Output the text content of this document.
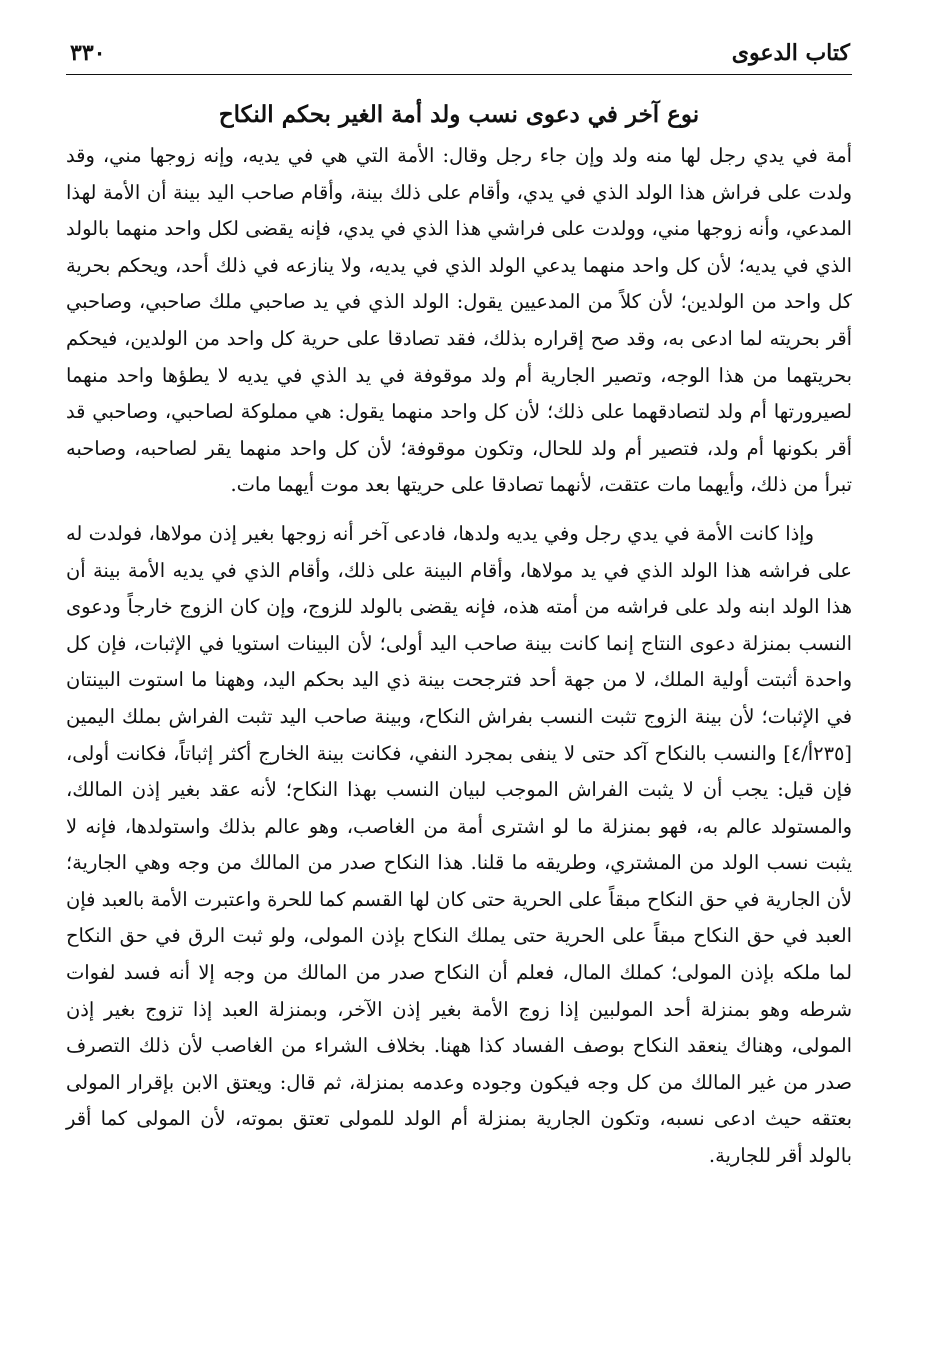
كتاب الدعوى
٣٣٠
نوع آخر في دعوى نسب ولد أمة الغير بحكم النكاح

أمة في يدي رجل لها منه ولد وإن جاء رجل وقال: الأمة التي هي في يديه، وإنه زوجها مني، وقد ولدت على فراش هذا الولد الذي في يدي، وأقام على ذلك بينة، وأقام صاحب اليد بينة أن الأمة لهذا المدعي، وأنه زوجها مني، وولدت على فراشي هذا الذي في يدي، فإنه يقضى لكل واحد منهما بالولد الذي في يديه؛ لأن كل واحد منهما يدعي الولد الذي في يديه، ولا ينازعه في ذلك أحد، ويحكم بحرية كل واحد من الولدين؛ لأن كلاً من المدعيين يقول: الولد الذي في يد صاحبي ملك صاحبي، وصاحبي أقر بحريته لما ادعى به، وقد صح إقراره بذلك، فقد تصادقا على حرية كل واحد من الولدين، فيحكم بحريتهما من هذا الوجه، وتصير الجارية أم ولد موقوفة في يد الذي في يديه لا يطؤها واحد منهما لصيرورتها أم ولد لتصادقهما على ذلك؛ لأن كل واحد منهما يقول: هي مملوكة لصاحبي، وصاحبي قد أقر بكونها أم ولد، فتصير أم ولد للحال، وتكون موقوفة؛ لأن كل واحد منهما يقر لصاحبه، وصاحبه تبرأ من ذلك، وأيهما مات عتقت، لأنهما تصادقا على حريتها بعد موت أيهما مات.

وإذا كانت الأمة في يدي رجل وفي يديه ولدها، فادعى آخر أنه زوجها بغير إذن مولاها، فولدت له على فراشه هذا الولد الذي في يد مولاها، وأقام البينة على ذلك، وأقام الذي في يديه الأمة بينة أن هذا الولد ابنه ولد على فراشه من أمته هذه، فإنه يقضى بالولد للزوج، وإن كان الزوج خارجاً ودعوى النسب بمنزلة دعوى النتاج إنما كانت بينة صاحب اليد أولى؛ لأن البينات استويا في الإثبات، فإن كل واحدة أثبتت أولية الملك، لا من جهة أحد فترجحت بينة ذي اليد بحكم اليد، وههنا ما استوت البينتان في الإثبات؛ لأن بينة الزوج تثبت النسب بفراش النكاح، وبينة صاحب اليد تثبت الفراش بملك اليمين [٢٣٥أ/٤] والنسب بالنكاح آكد حتى لا ينفى بمجرد النفي، فكانت بينة الخارج أكثر إثباتاً، فكانت أولى، فإن قيل: يجب أن لا يثبت الفراش الموجب لبيان النسب بهذا النكاح؛ لأنه عقد بغير إذن المالك، والمستولد عالم به، فهو بمنزلة ما لو اشترى أمة من الغاصب، وهو عالم بذلك واستولدها، فإنه لا يثبت نسب الولد من المشتري، وطريقه ما قلنا. هذا النكاح صدر من المالك من وجه وهي الجارية؛ لأن الجارية في حق النكاح مبقاً على الحرية حتى كان لها القسم كما للحرة واعتبرت الأمة بالعبد فإن العبد في حق النكاح مبقاً على الحرية حتى يملك النكاح بإذن المولى، ولو ثبت الرق في حق النكاح لما ملكه بإذن المولى؛ كملك المال، فعلم أن النكاح صدر من المالك من وجه إلا أنه فسد لفوات شرطه وهو بمنزلة أحد المولبين إذا زوج الأمة بغير إذن الآخر، وبمنزلة العبد إذا تزوج بغير إذن المولى، وهناك ينعقد النكاح بوصف الفساد كذا ههنا. بخلاف الشراء من الغاصب لأن ذلك التصرف صدر من غير المالك من كل وجه فيكون وجوده وعدمه بمنزلة، ثم قال: ويعتق الابن بإقرار المولى بعتقه حيث ادعى نسبه، وتكون الجارية بمنزلة أم الولد للمولى تعتق بموته، لأن المولى كما أقر بالولد أقر للجارية.
